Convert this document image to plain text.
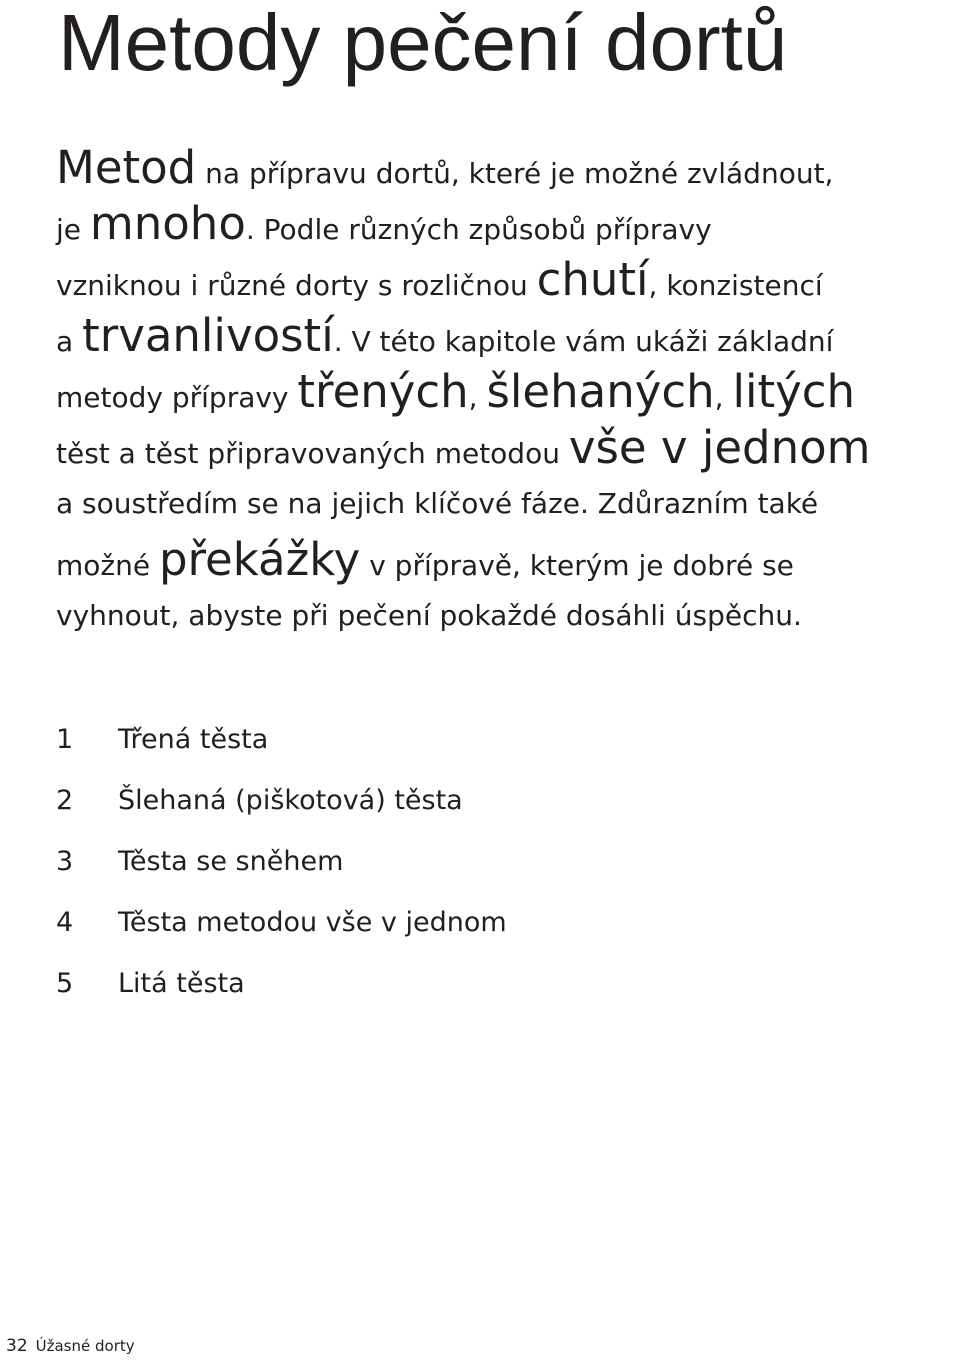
Metody pečení dortů
Metod na přípravu dortů, které je možné zvládnout,
je mnoho. Podle různých způsobů přípravy
vzniknou i různé dorty s rozličnou chutí, konzistencí
a trvanlivostí. V této kapitole vám ukáži základní
metody přípravy třených, šlehaných, litých
těst a těst připravovaných metodou vše v jednom
a soustředím se na jejich klíčové fáze. Zdůrazním také
možné překážky v přípravě, kterým je dobré se
vyhnout, abyste při pečení pokaždé dosáhli úspěchu.
1	Třená těsta
2	Šlehaná (piškotová) těsta
3	Těsta se sněhem
4	Těsta metodou vše v jednom
5	Litá těsta
32 Úžasné dorty
